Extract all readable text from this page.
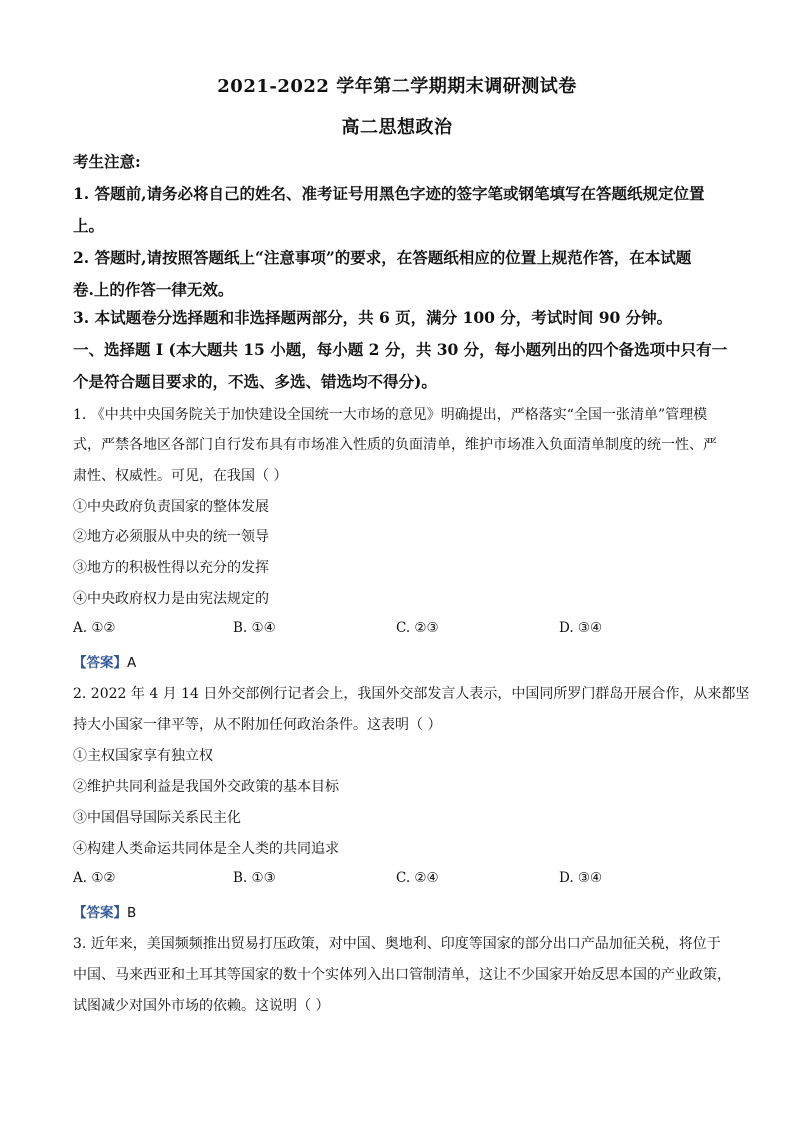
2021-2022 学年第二学期期末调研测试卷
高二思想政治
考生注意:
1. 答题前,请务必将自己的姓名、准考证号用黑色字迹的签字笔或钢笔填写在答题纸规定位置
上。
2. 答题时,请按照答题纸上“注意事项”的要求，在答题纸相应的位置上规范作答，在本试题
卷.上的作答一律无效。
3. 本试题卷分选择题和非选择题两部分，共 6 页，满分 100 分，考试时间 90 分钟。
一、选择题 I (本大题共 15 小题，每小题 2 分，共 30 分，每小题列出的四个备选项中只有一
个是符合题目要求的，不选、多选、错选均不得分)。
1. 《中共中央国务院关于加快建设全国统一大市场的意见》明确提出，严格落实“全国一张清单”管理模
式，严禁各地区各部门自行发布具有市场准入性质的负面清单，维护市场准入负面清单制度的统一性、严
肃性、权威性。可见，在我国（ ）
①中央政府负责国家的整体发展
②地方必须服从中央的统一领导
③地方的积极性得以充分的发挥
④中央政府权力是由宪法规定的
A. ①②	B. ①④	C. ②③	D. ③④
【答案】A
2. 2022 年 4 月 14 日外交部例行记者会上，我国外交部发言人表示，中国同所罗门群岛开展合作，从来都坚
持大小国家一律平等，从不附加任何政治条件。这表明（ ）
①主权国家享有独立权
②维护共同利益是我国外交政策的基本目标
③中国倡导国际关系民主化
④构建人类命运共同体是全人类的共同追求
A. ①②	B. ①③	C. ②④	D. ③④
【答案】B
3. 近年来，美国频频推出贸易打压政策，对中国、奥地利、印度等国家的部分出口产品加征关税，将位于
中国、马来西亚和土耳其等国家的数十个实体列入出口管制清单，这让不少国家开始反思本国的产业政策，
试图减少对国外市场的依赖。这说明（ ）
